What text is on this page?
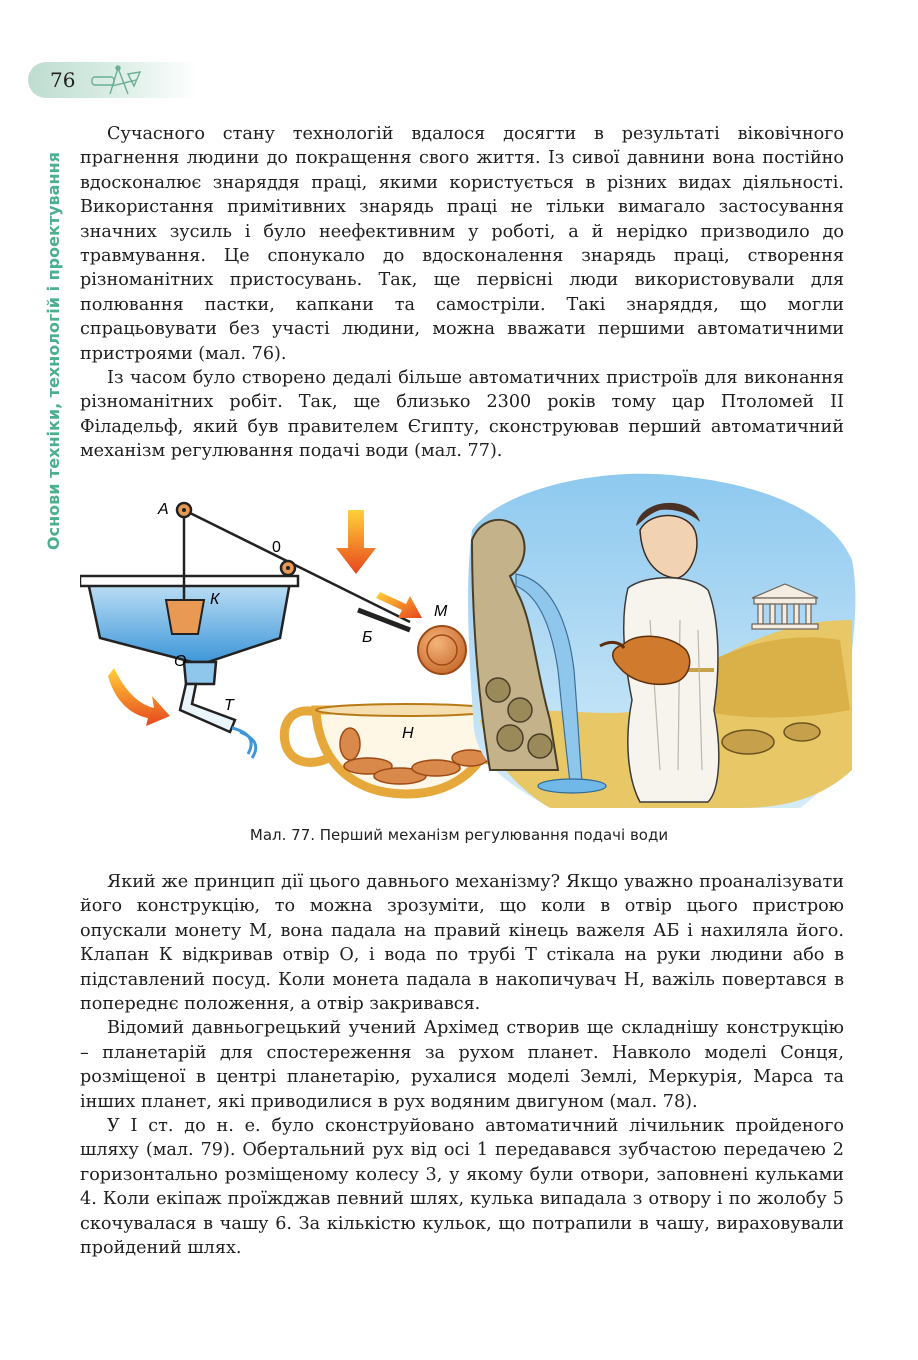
76
Основи техніки, технологій і проектування

Сучасного стану технологій вдалося досягти в результаті віковічного прагнення людини до покращення свого життя. Із сивої давнини вона постійно вдосконалює знаряддя праці, якими користується в різних видах діяльності. Використання примітивних знарядь праці не тільки вимагало застосування значних зусиль і було неефективним у роботі, а й нерідко призводило до травмування. Це спонукало до вдосконалення знарядь праці, створення різноманітних пристосувань. Так, ще первісні люди використовували для полювання пастки, капкани та самостріли. Такі знаряддя, що могли спрацьовувати без участі людини, можна вважати першими автоматичними пристроями (мал. 76).

Із часом було створено дедалі більше автоматичних пристроїв для виконання різноманітних робіт. Так, ще близько 2300 років тому цар Птоломей ІІ Філадельф, який був правителем Єгипту, сконструював перший автоматичний механізм регулювання подачі води (мал. 77).

А
0
К
Б
М
О
Т
Н
Мал. 77. Перший механізм регулювання подачі води

Який же принцип дії цього давнього механізму? Якщо уважно проаналізувати його конструкцію, то можна зрозуміти, що коли в отвір цього пристрою опускали монету М, вона падала на правий кінець важеля АБ і нахиляла його. Клапан К відкривав отвір О, і вода по трубі Т стікала на руки людини або в підставлений посуд. Коли монета падала в накопичувач Н, важіль повертався в попереднє положення, а отвір закривався.

Відомий давньогрецький учений Архімед створив ще складнішу конструкцію – планетарій для спостереження за рухом планет. Навколо моделі Сонця, розміщеної в центрі планетарію, рухалися моделі Землі, Меркурія, Марса та інших планет, які приводилися в рух водяним двигуном (мал. 78).

У І ст. до н. е. було сконструйовано автоматичний лічильник пройденого шляху (мал. 79). Обертальний рух від осі 1 передавався зубчастою передачею 2 горизонтально розміщеному колесу 3, у якому були отвори, заповнені кульками 4. Коли екіпаж проїжджав певний шлях, кулька випадала з отвору і по жолобу 5 скочувалася в чашу 6. За кількістю кульок, що потрапили в чашу, вираховували пройдений шлях.
